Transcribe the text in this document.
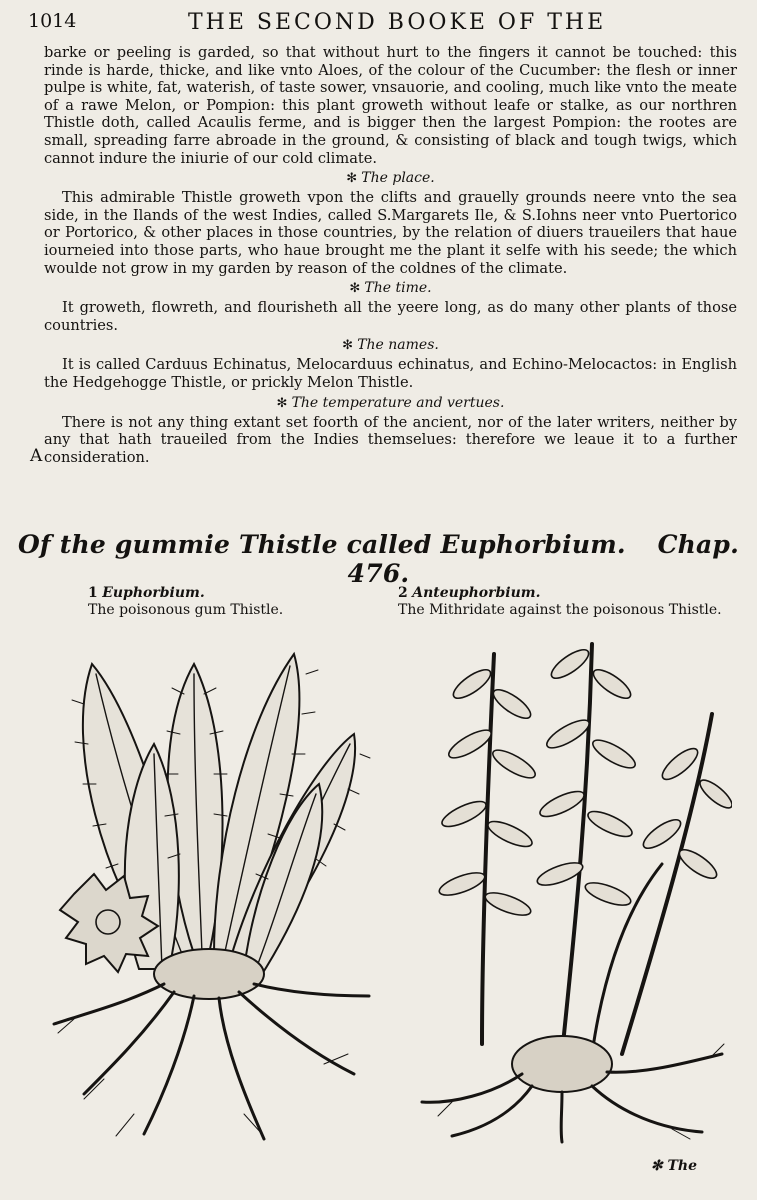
1014	THE SECOND BOOKE OF THE

barke or peeling is garded, so that without hurt to the fingers it cannot be touched: this rinde is harde, thicke, and like vnto Aloes, of the colour of the Cucumber: the flesh or inner pulpe is white, fat, waterish, of taste sower, vnsauorie, and cooling, much like vnto the meate of a rawe Melon, or Pompion: this plant groweth without leafe or stalke, as our northren Thistle doth, called Acaulis ferme, and is bigger then the largest Pompion: the rootes are small, spreading farre abroade in the ground, & consisting of black and tough twigs, which cannot indure the iniurie of our cold climate.

✻ The place.

This admirable Thistle groweth vpon the clifts and grauelly grounds neere vnto the sea side, in the Ilands of the west Indies, called S.Margarets Ile, & S.Iohns neer vnto Puertorico or Portorico, & other places in those countries, by the relation of diuers traueilers that haue iourneied into those parts, who haue brought me the plant it selfe with his seede; the which woulde not grow in my garden by reason of the coldnes of the climate.

✻ The time.

It groweth, flowreth, and flourisheth all the yeere long, as do many other plants of those countries.

✻ The names.

It is called Carduus Echinatus, Melocarduus echinatus, and Echino-Melocactos: in English the Hedgehogge Thistle, or prickly Melon Thistle.

✻ The temperature and vertues.

There is not any thing extant set foorth of the ancient, nor of the later writers, neither by any that hath traueiled from the Indies themselues: therefore we leaue it to a further consideration.

A
Of the gummie Thistle called Euphorbium. Chap. 476.
1 Euphorbium.
The poisonous gum Thistle.
2 Anteuphorbium.
The Mithridate against the poisonous Thistle.
✻ The
